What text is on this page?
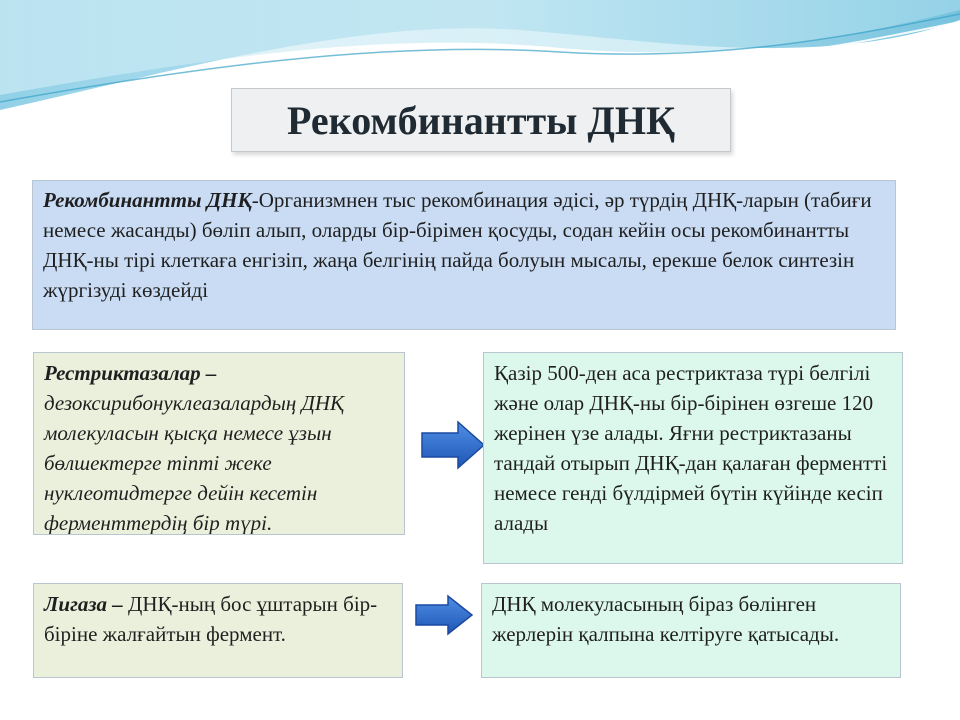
Рекомбинантты ДНҚ
Рекомбинантты ДНҚ-Организмнен тыс рекомбинация әдісі, әр түрдің ДНҚ-ларын (табиғи немесе жасанды) бөліп алып, оларды бір-бірімен қосуды, содан кейін осы рекомбинантты ДНҚ-ны тірі клеткаға енгізіп, жаңа белгінің пайда болуын мысалы, ерекше белок синтезін жүргізуді көздейді
Рестриктазалар – дезоксирибонуклеазалардың ДНҚ молекуласын қысқа немесе ұзын бөлшектерге тіпті жеке нуклеотидтерге дейін кесетін ферменттердің бір түрі.
Қазір 500-ден аса рестриктаза түрі белгілі және олар ДНҚ-ны бір-бірінен өзгеше 120 жерінен үзе алады. Яғни рестриктазаны тандай отырып ДНҚ-дан қалаған ферментті немесе генді бүлдірмей бүтін күйінде кесіп алады
Лигаза – ДНҚ-ның бос ұштарын бір-біріне жалғайтын фермент.
ДНҚ молекуласының біраз бөлінген жерлерін қалпына келтіруге қатысады.
